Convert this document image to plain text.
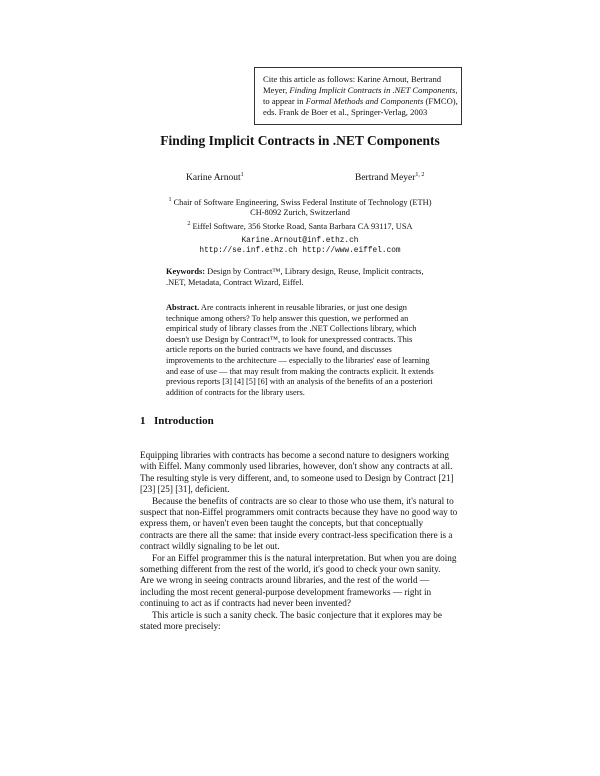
Cite this article as follows: Karine Arnout, Bertrand
Meyer, Finding Implicit Contracts in .NET Components,
to appear in Formal Methods and Components (FMCO),
eds. Frank de Boer et al., Springer-Verlag, 2003
Finding Implicit Contracts in .NET Components
Karine Arnout$^1$	Bertrand Meyer$^{1, 2}$
$^1$ Chair of Software Engineering, Swiss Federal Institute of Technology (ETH)
CH-8092 Zurich, Switzerland
$^2$ Eiffel Software, 356 Storke Road, Santa Barbara CA 93117, USA
Karine.Arnout@inf.ethz.ch
http://se.inf.ethz.ch http://www.eiffel.com
Keywords: Design by Contract™, Library design, Reuse, Implicit contracts,
.NET, Metadata, Contract Wizard, Eiffel.
Abstract. Are contracts inherent in reusable libraries, or just one design
technique among others? To help answer this question, we performed an
empirical study of library classes from the .NET Collections library, which
doesn't use Design by Contract™, to look for unexpressed contracts. This
article reports on the buried contracts we have found, and discusses
improvements to the architecture — especially to the libraries' ease of learning
and ease of use — that may result from making the contracts explicit. It extends
previous reports [3] [4] [5] [6] with an analysis of the benefits of an a posteriori
addition of contracts for the library users.
1 Introduction
Equipping libraries with contracts has become a second nature to designers working
with Eiffel. Many commonly used libraries, however, don't show any contracts at all.
The resulting style is very different, and, to someone used to Design by Contract [21]
[23] [25] [31], deficient.
Because the benefits of contracts are so clear to those who use them, it's natural to
suspect that non-Eiffel programmers omit contracts because they have no good way to
express them, or haven't even been taught the concepts, but that conceptually
contracts are there all the same: that inside every contract-less specification there is a
contract wildly signaling to be let out.
For an Eiffel programmer this is the natural interpretation. But when you are doing
something different from the rest of the world, it's good to check your own sanity.
Are we wrong in seeing contracts around libraries, and the rest of the world —
including the most recent general-purpose development frameworks — right in
continuing to act as if contracts had never been invented?
This article is such a sanity check. The basic conjecture that it explores may be
stated more precisely:
